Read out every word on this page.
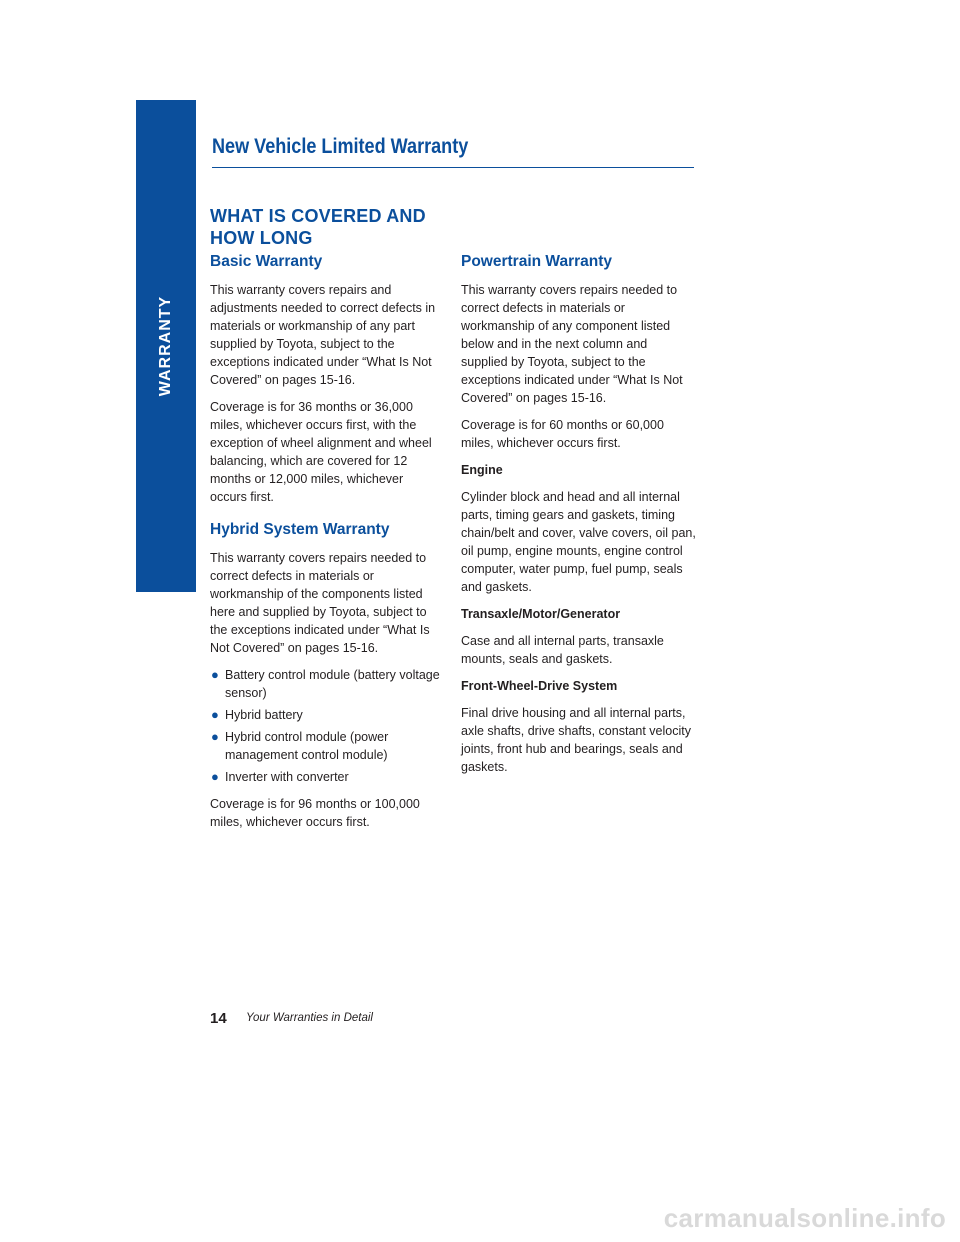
WARRANTY
New Vehicle Limited Warranty
WHAT IS COVERED AND HOW LONG
Basic Warranty

This warranty covers repairs and adjustments needed to correct defects in materials or workmanship of any part supplied by Toyota, subject to the exceptions indicated under “What Is Not Covered” on pages 15-16.

Coverage is for 36 months or 36,000 miles, whichever occurs first, with the exception of wheel alignment and wheel balancing, which are covered for 12 months or 12,000 miles, whichever occurs first.

Hybrid System Warranty

This warranty covers repairs needed to correct defects in materials or workmanship of the components listed here and supplied by Toyota, subject to the exceptions indicated under “What Is Not Covered” on pages 15-16.

● Battery control module (battery voltage sensor)
● Hybrid battery
● Hybrid control module (power management control module)
● Inverter with converter

Coverage is for 96 months or 100,000 miles, whichever occurs first.

Powertrain Warranty

This warranty covers repairs needed to correct defects in materials or workmanship of any component listed below and in the next column and supplied by Toyota, subject to the exceptions indicated under “What Is Not Covered” on pages 15-16.

Coverage is for 60 months or 60,000 miles, whichever occurs first.

Engine

Cylinder block and head and all internal parts, timing gears and gaskets, timing chain/belt and cover, valve covers, oil pan, oil pump, engine mounts, engine control computer, water pump, fuel pump, seals and gaskets.

Transaxle/Motor/Generator

Case and all internal parts, transaxle mounts, seals and gaskets.

Front-Wheel-Drive System

Final drive housing and all internal parts, axle shafts, drive shafts, constant velocity joints, front hub and bearings, seals and gaskets.

14 Your Warranties in Detail
carmanualsonline.info
